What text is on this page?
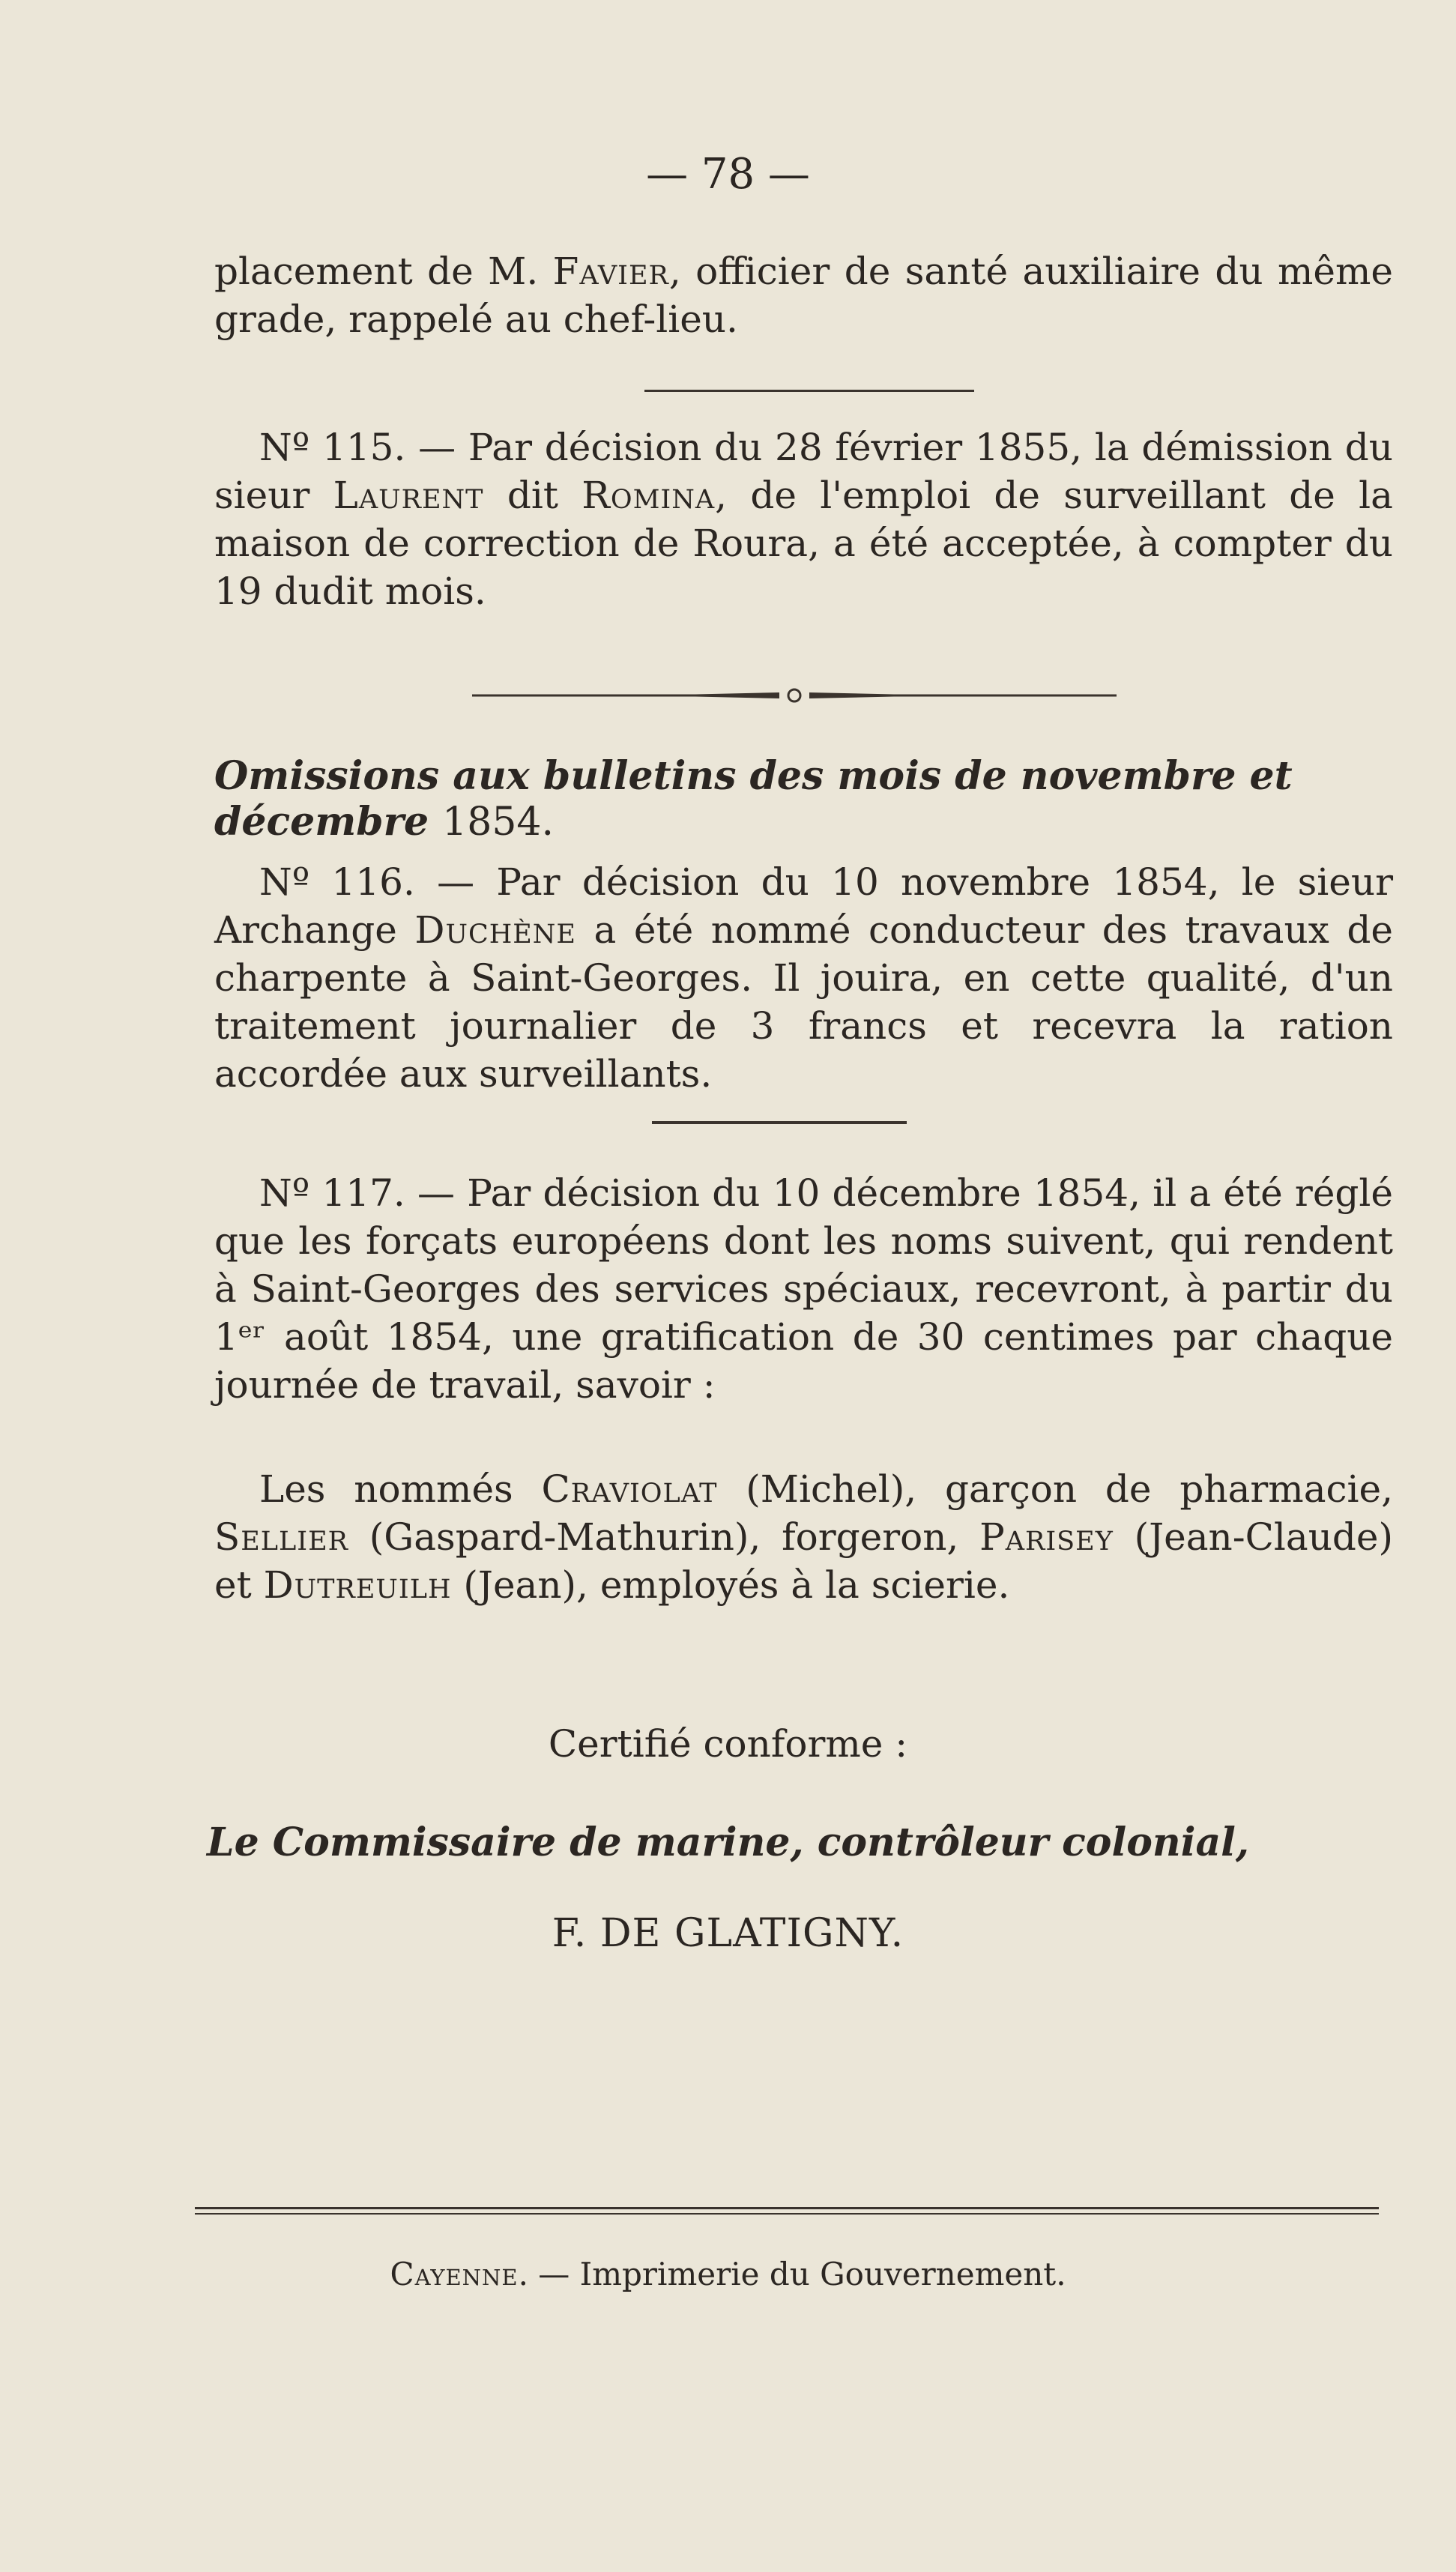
— 78 —

placement de M. Favier, officier de santé auxiliaire du même grade, rappelé au chef-lieu.

Nº 115. — Par décision du 28 février 1855, la démission du sieur Laurent dit Romina, de l'emploi de surveillant de la maison de correction de Roura, a été acceptée, à compter du 19 dudit mois.

Omissions aux bulletins des mois de novembre et décembre 1854.

Nº 116. — Par décision du 10 novembre 1854, le sieur Archange Duchène a été nommé conducteur des travaux de charpente à Saint-Georges. Il jouira, en cette qualité, d'un traitement journalier de 3 francs et recevra la ration accordée aux surveillants.

Nº 117. — Par décision du 10 décembre 1854, il a été réglé que les forçats européens dont les noms suivent, qui rendent à Saint-Georges des services spéciaux, recevront, à partir du 1ᵉʳ août 1854, une gratification de 30 centimes par chaque journée de travail, savoir :

Les nommés Craviolat (Michel), garçon de pharmacie, Sellier (Gaspard-Mathurin), forgeron, Parisey (Jean-Claude) et Dutreuilh (Jean), employés à la scierie.

Certifié conforme :
Le Commissaire de marine, contrôleur colonial,
F. DE GLATIGNY.
Cayenne. — Imprimerie du Gouvernement.
